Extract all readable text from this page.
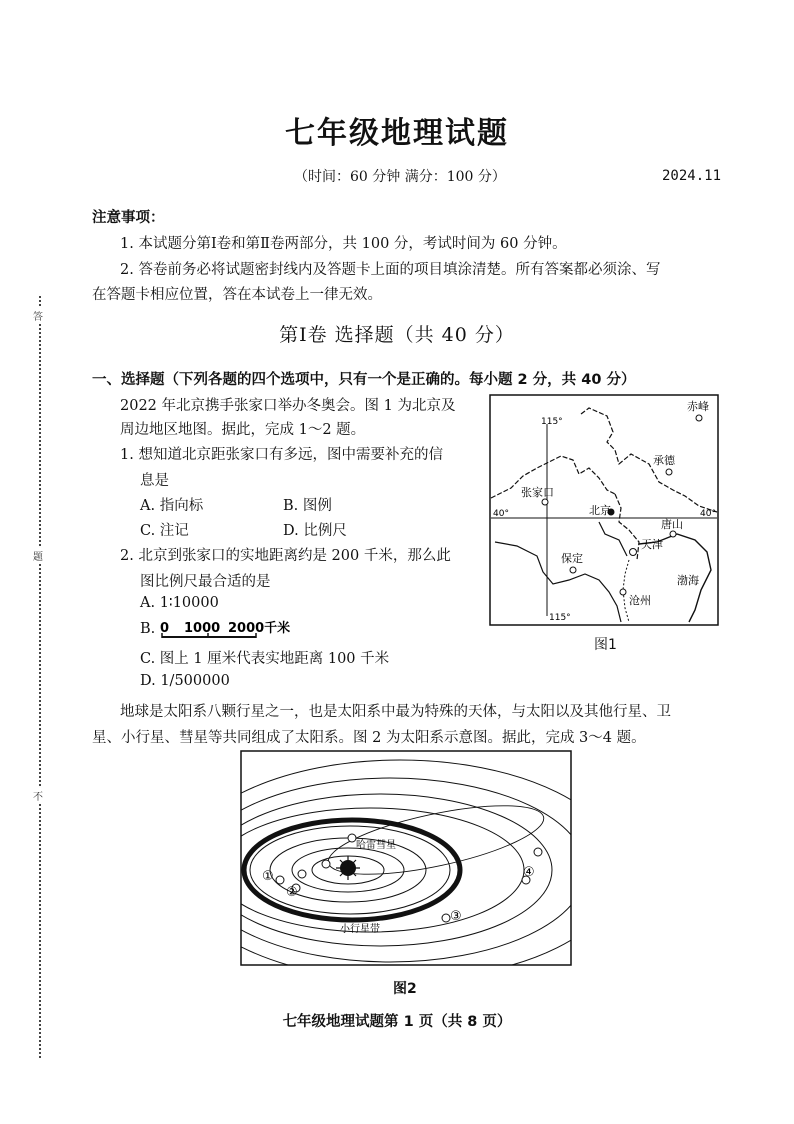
答
题
不
七年级地理试题
（时间：60 分钟 满分：100 分）	2024.11
注意事项：
1. 本试题分第Ⅰ卷和第Ⅱ卷两部分，共 100 分，考试时间为 60 分钟。
2. 答卷前务必将试题密封线内及答题卡上面的项目填涂清楚。所有答案都必须涂、写
在答题卡相应位置，答在本试卷上一律无效。
第Ⅰ卷 选择题（共 40 分）
一、选择题（下列各题的四个选项中，只有一个是正确的。每小题 2 分，共 40 分）
2022 年北京携手张家口举办冬奥会。图 1 为北京及
周边地区地图。据此，完成 1～2 题。
1. 想知道北京距张家口有多远，图中需要补充的信
息是
A. 指向标	B. 图例
C. 注记	D. 比例尺
2. 北京到张家口的实地距离约是 200 千米，那么此
图比例尺最合适的是
A. 1∶10000
B. 0 1000 2000千米
C. 图上 1 厘米代表实地距离 100 千米
D. 1/500000
赤峰
承德
张家口
北京
唐山
天津
保定
渤海
沧州
115°
115°
40°	40°
图1
地球是太阳系八颗行星之一，也是太阳系中最为特殊的天体，与太阳以及其他行星、卫
星、小行星、彗星等共同组成了太阳系。图 2 为太阳系示意图。据此，完成 3～4 题。
哈雷彗星
小行星带
①
②
③
④
图2
七年级地理试题第 1 页（共 8 页）
